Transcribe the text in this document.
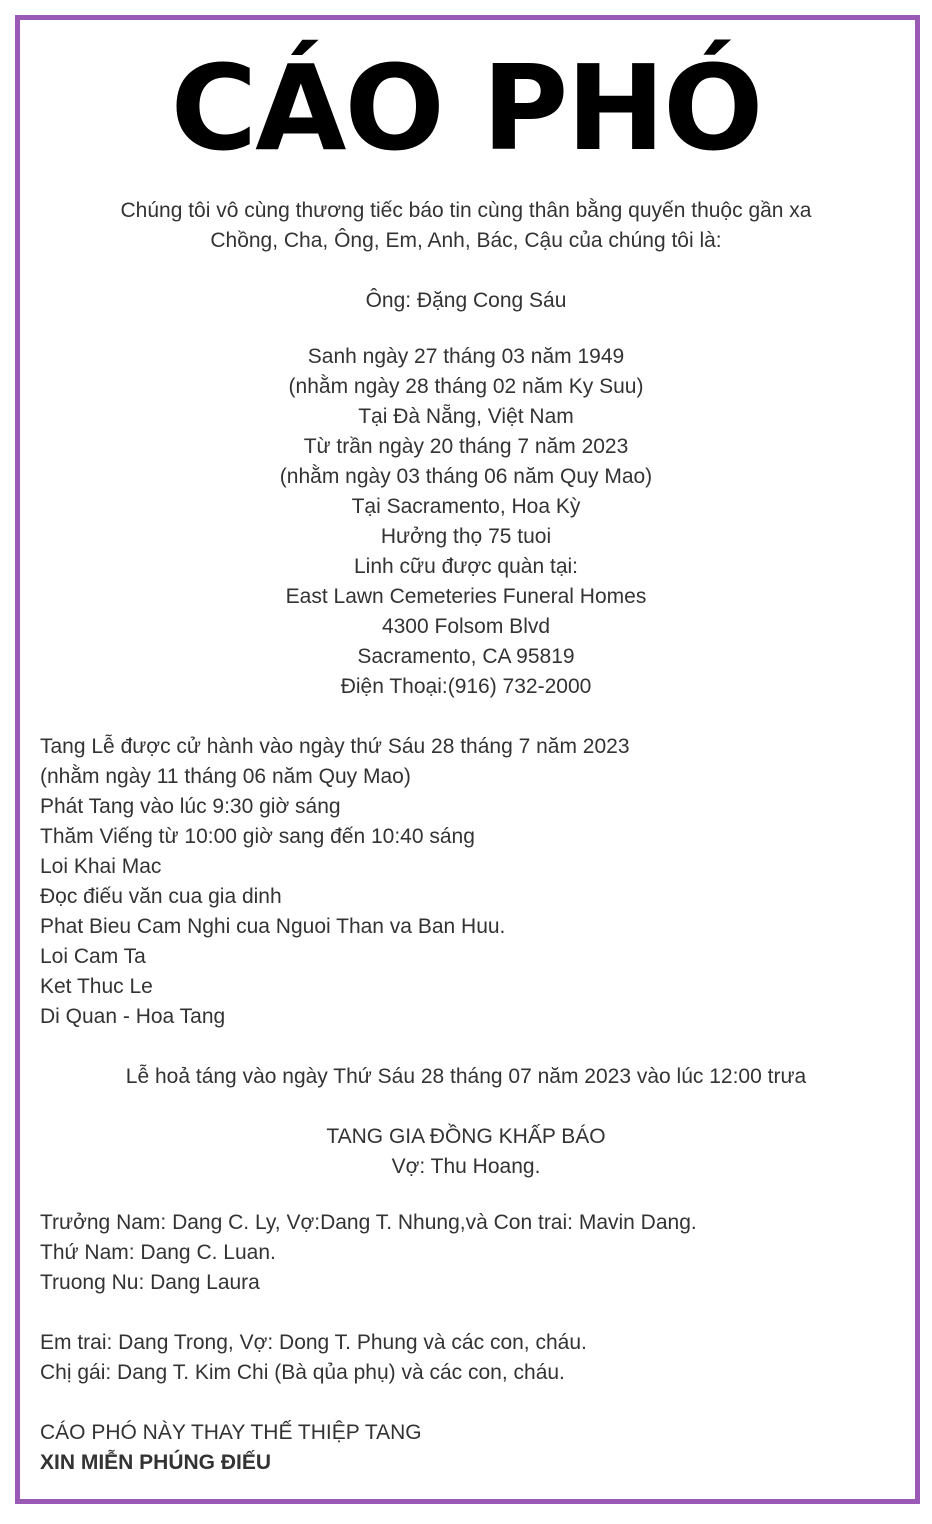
CÁO PHÓ
Chúng tôi vô cùng thương tiếc báo tin cùng thân bằng quyến thuộc gần xa
Chồng, Cha, Ông, Em, Anh, Bác, Cậu của chúng tôi là:
Ông: Đặng Cong Sáu
Sanh ngày 27 tháng 03 năm 1949
(nhằm ngày 28 tháng 02 năm Ky Suu)
Tại Đà Nẵng, Việt Nam
Từ trần ngày 20 tháng 7 năm 2023
(nhằm ngày 03 tháng 06 năm Quy Mao)
Tại Sacramento, Hoa Kỳ
Hưởng thọ 75 tuoi
Linh cữu được quàn tại:
East Lawn Cemeteries Funeral Homes
4300 Folsom Blvd
Sacramento, CA 95819
Điện Thoại:(916) 732-2000
Tang Lễ được cử hành vào ngày thứ Sáu 28 tháng 7 năm 2023
(nhằm ngày 11 tháng 06 năm Quy Mao)
Phát Tang vào lúc 9:30 giờ sáng
Thăm Viếng từ 10:00 giờ sang đến 10:40 sáng
Loi Khai Mac
Đọc điếu văn cua gia dinh
Phat Bieu Cam Nghi cua Nguoi Than va Ban Huu.
Loi Cam Ta
Ket Thuc Le
Di Quan - Hoa Tang
Lễ hoả táng vào ngày Thứ Sáu 28 tháng 07 năm 2023 vào lúc 12:00 trưa
TANG GIA ĐỒNG KHẤP BÁO
Vợ: Thu Hoang.
Trưởng Nam: Dang C. Ly, Vợ:Dang T. Nhung,và Con trai: Mavin Dang.
Thứ Nam: Dang C. Luan.
Truong Nu: Dang Laura
Em trai: Dang Trong, Vợ: Dong T. Phung và các con, cháu.
Chị gái: Dang T. Kim Chi (Bà qủa phụ) và các con, cháu.
CÁO PHÓ NÀY THAY THẾ THIỆP TANG
XIN MIỄN PHÚNG ĐIẾU
